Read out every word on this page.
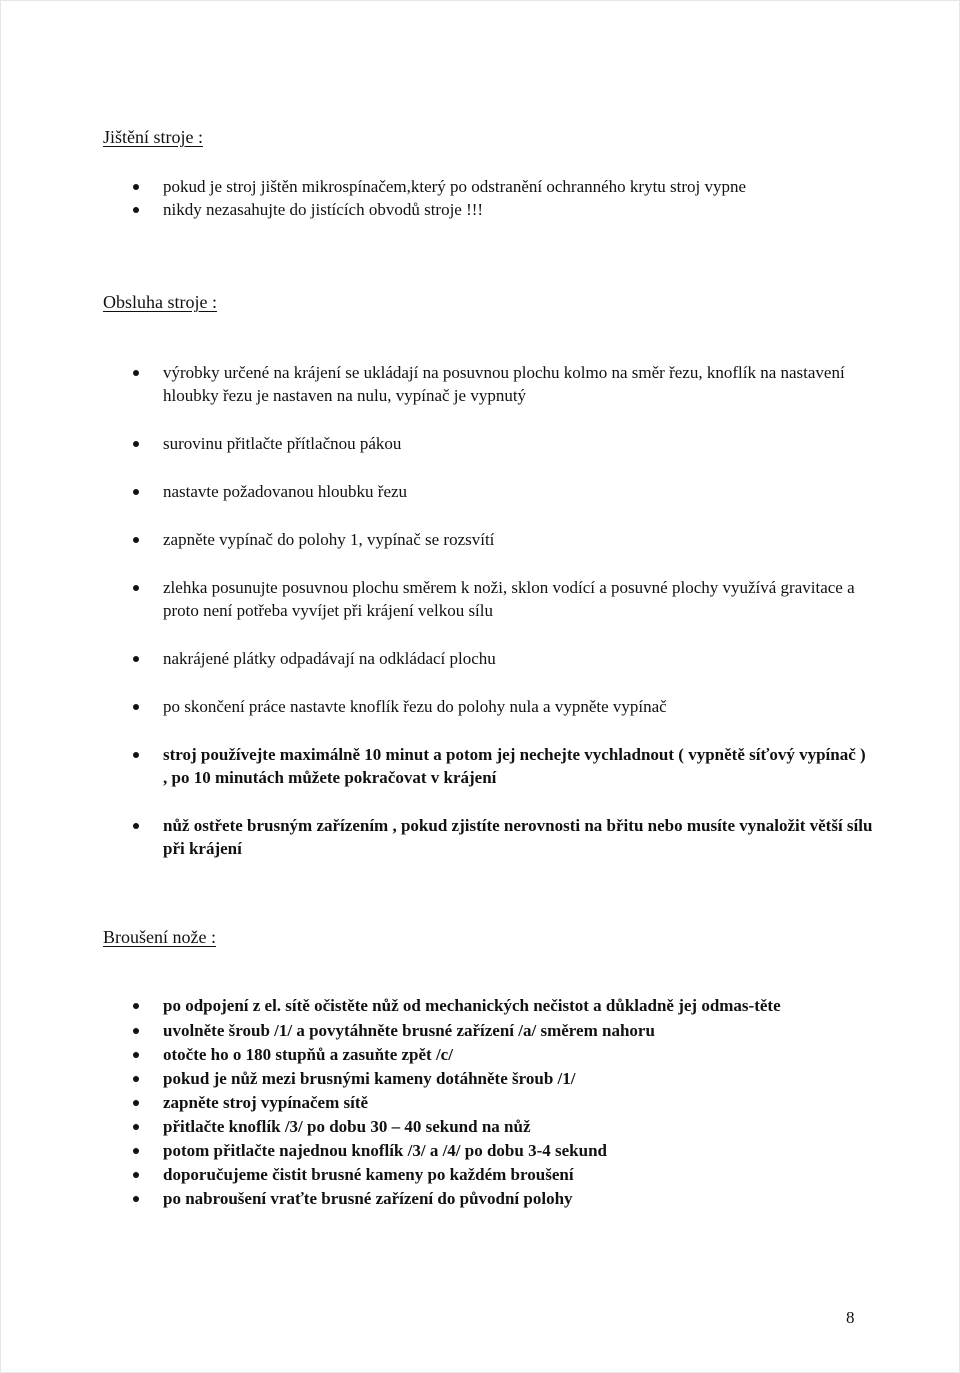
Jištění stroje :
pokud je stroj jištěn mikrospínačem,který po odstranění ochranného krytu stroj vypne
nikdy nezasahujte do jistících obvodů stroje !!!
Obsluha stroje :
výrobky určené na krájení se ukládají na posuvnou plochu kolmo na směr řezu, knoflík na nastavení hloubky řezu je nastaven na nulu, vypínač je vypnutý
surovinu přitlačte přítlačnou pákou
nastavte požadovanou hloubku řezu
zapněte vypínač do polohy 1, vypínač se rozsvítí
zlehka posunujte posuvnou plochu směrem k noži, sklon vodící a posuvné plochy využívá gravitace a proto není potřeba vyvíjet při krájení velkou sílu
nakrájené plátky odpadávají na odkládací plochu
po skončení práce nastavte knoflík řezu do polohy nula a vypněte vypínač
stroj používejte maximálně 10 minut a potom jej nechejte vychladnout ( vypnětě síťový vypínač ) , po 10 minutách můžete pokračovat v krájení
nůž ostřete brusným zařízením , pokud zjistíte nerovnosti na břitu nebo musíte vynaložit větší sílu při krájení
Broušení nože :
po odpojení z el. sítě očistěte nůž od mechanických nečistot a důkladně jej odmas-těte
uvolněte šroub /1/ a povytáhněte brusné zařízení /a/ směrem nahoru
otočte ho o 180 stupňů a zasuňte zpět /c/
pokud je nůž mezi brusnými kameny dotáhněte šroub /1/
zapněte stroj vypínačem sítě
přitlačte knoflík /3/ po dobu 30 – 40 sekund na nůž
potom přitlačte najednou knoflík /3/ a /4/ po dobu 3-4 sekund
doporučujeme čistit brusné kameny po každém broušení
po nabroušení vraťte brusné zařízení do původní polohy
8
